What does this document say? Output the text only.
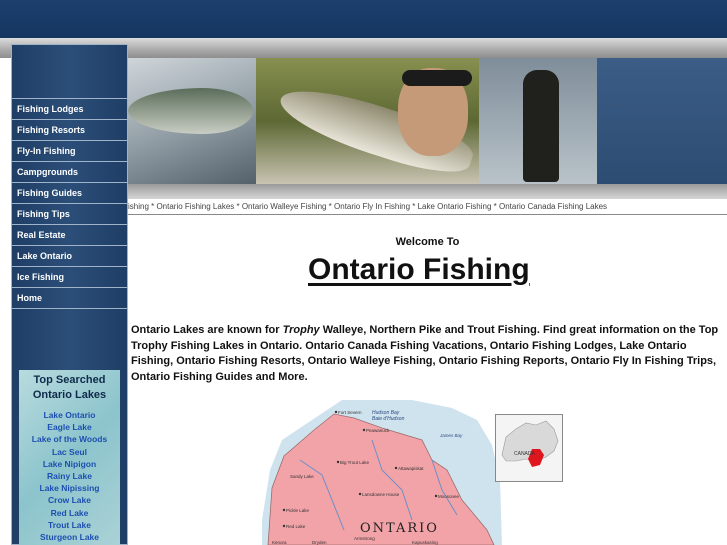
ishing * Ontario Fishing Lakes * Ontario Walleye Fishing * Ontario Fly In Fishing * Lake Ontario Fishing * Ontario Canada Fishing Lakes
Fishing Lodges
Fishing Resorts
Fly-In Fishing
Campgrounds
Fishing Guides
Fishing Tips
Real Estate
Lake Ontario
Ice Fishing
Home
Top Searched
Ontario Lakes
Lake Ontario
Eagle Lake
Lake of the Woods
Lac Seul
Lake Nipigon
Rainy Lake
Lake Nipissing
Crow Lake
Red Lake
Trout Lake
Sturgeon Lake
Welcome To
Ontario Fishing
Ontario Lakes are known for Trophy Walleye, Northern Pike and Trout Fishing. Find great information on the Top Trophy Fishing Lakes in Ontario. Ontario Canada Fishing Vacations, Ontario Fishing Lodges, Lake Ontario Fishing, Ontario Fishing Resorts, Ontario Walleye Fishing, Ontario Fishing Reports, Ontario Fly In Fishing Trips, Ontario Fishing Guides and More.
ONTARIO
Hudson Bay
Baie d'Hudson
James Bay
Fort Severn
Peawanuck
Big Trout Lake
Sandy Lake
Attawapiskat
Lansdowne House	Moosonee
Red Lake
Pickle Lake
Armstrong
Kapuskasing
Dryden
Kenora
CANADA
